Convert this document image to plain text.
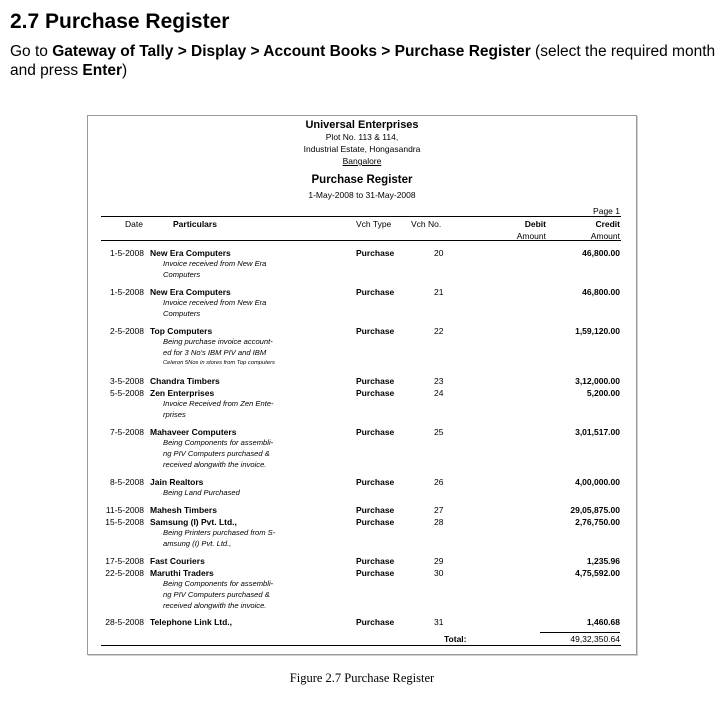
2.7 Purchase Register
Go to Gateway of Tally > Display > Account Books > Purchase Register (select the required month and press Enter)
Universal Enterprises
Plot No. 113 & 114,
Industrial Estate, Hongasandra
Bangalore
Purchase Register
1-May-2008 to 31-May-2008
Page 1
Date	Particulars	Vch Type Vch No.	Debit	Credit
Amount	Amount
1-5-2008 New Era Computers	Purchase	20	46,800.00
Invoice received from New Era
Computers
1-5-2008 New Era Computers	Purchase	21	46,800.00
Invoice received from New Era
Computers
2-5-2008 Top Computers	Purchase	22	1,59,120.00
Being purchase invoice account-
ed for 3 No's IBM PIV and IBM
Celeron 5Nos in stores from Top computers
3-5-2008 Chandra Timbers	Purchase	23	3,12,000.00
5-5-2008 Zen Enterprises	Purchase	24	5,200.00
Invoice Received from Zen Ente-
rprises
7-5-2008 Mahaveer Computers	Purchase	25	3,01,517.00
Being Components for assembli-
ng PIV Computers purchased &
received alongwith the invoice.
8-5-2008 Jain Realtors	Purchase	26	4,00,000.00
Being Land Purchased
11-5-2008 Mahesh Timbers	Purchase	27	29,05,875.00
15-5-2008 Samsung (I) Pvt. Ltd.,	Purchase	28	2,76,750.00
Being Printers purchased from S-
amsung (I) Pvt. Ltd.,
17-5-2008 Fast Couriers	Purchase	29	1,235.96
22-5-2008 Maruthi Traders	Purchase	30	4,75,592.00
Being Components for assembli-
ng PIV Computers purchased &
received alongwith the invoice.
28-5-2008 Telephone Link Ltd.,	Purchase	31	1,460.68
Total:	49,32,350.64
Figure 2.7 Purchase Register
